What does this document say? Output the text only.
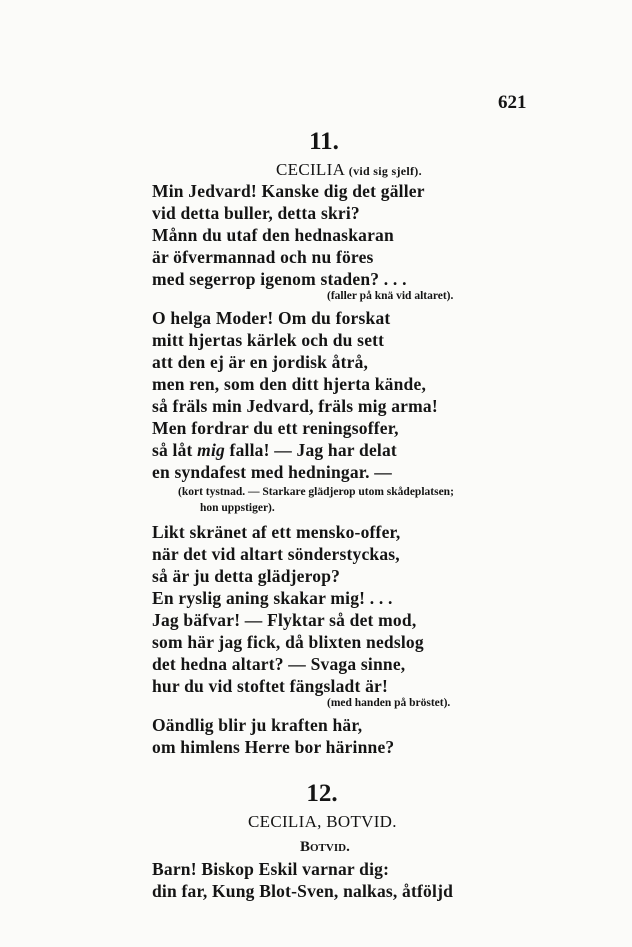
621
11.
CECILIA (vid sig sjelf).
Min Jedvard! Kanske dig det gäller
vid detta buller, detta skri?
Månn du utaf den hednaskaran
är öfvermannad och nu föres
med segerrop igenom staden? . . .
(faller på knä vid altaret).
O helga Moder! Om du forskat
mitt hjertas kärlek och du sett
att den ej är en jordisk åtrå,
men ren, som den ditt hjerta kände,
så fräls min Jedvard, fräls mig arma!
Men fordrar du ett reningsoffer,
så låt mig falla! — Jag har delat
en syndafest med hedningar. —
(kort tystnad. — Starkare glädjerop utom skådeplatsen;
hon uppstiger).
Likt skränet af ett mensko-offer,
när det vid altart sönderstyckas,
så är ju detta glädjerop?
En ryslig aning skakar mig! . . .
Jag bäfvar! — Flyktar så det mod,
som här jag fick, då blixten nedslog
det hedna altart? — Svaga sinne,
hur du vid stoftet fängsladt är!
(med handen på bröstet).
Oändlig blir ju kraften här,
om himlens Herre bor härinne?
12.
CECILIA, BOTVID.
Botvid.
Barn! Biskop Eskil varnar dig:
din far, Kung Blot-Sven, nalkas, åtföljd
